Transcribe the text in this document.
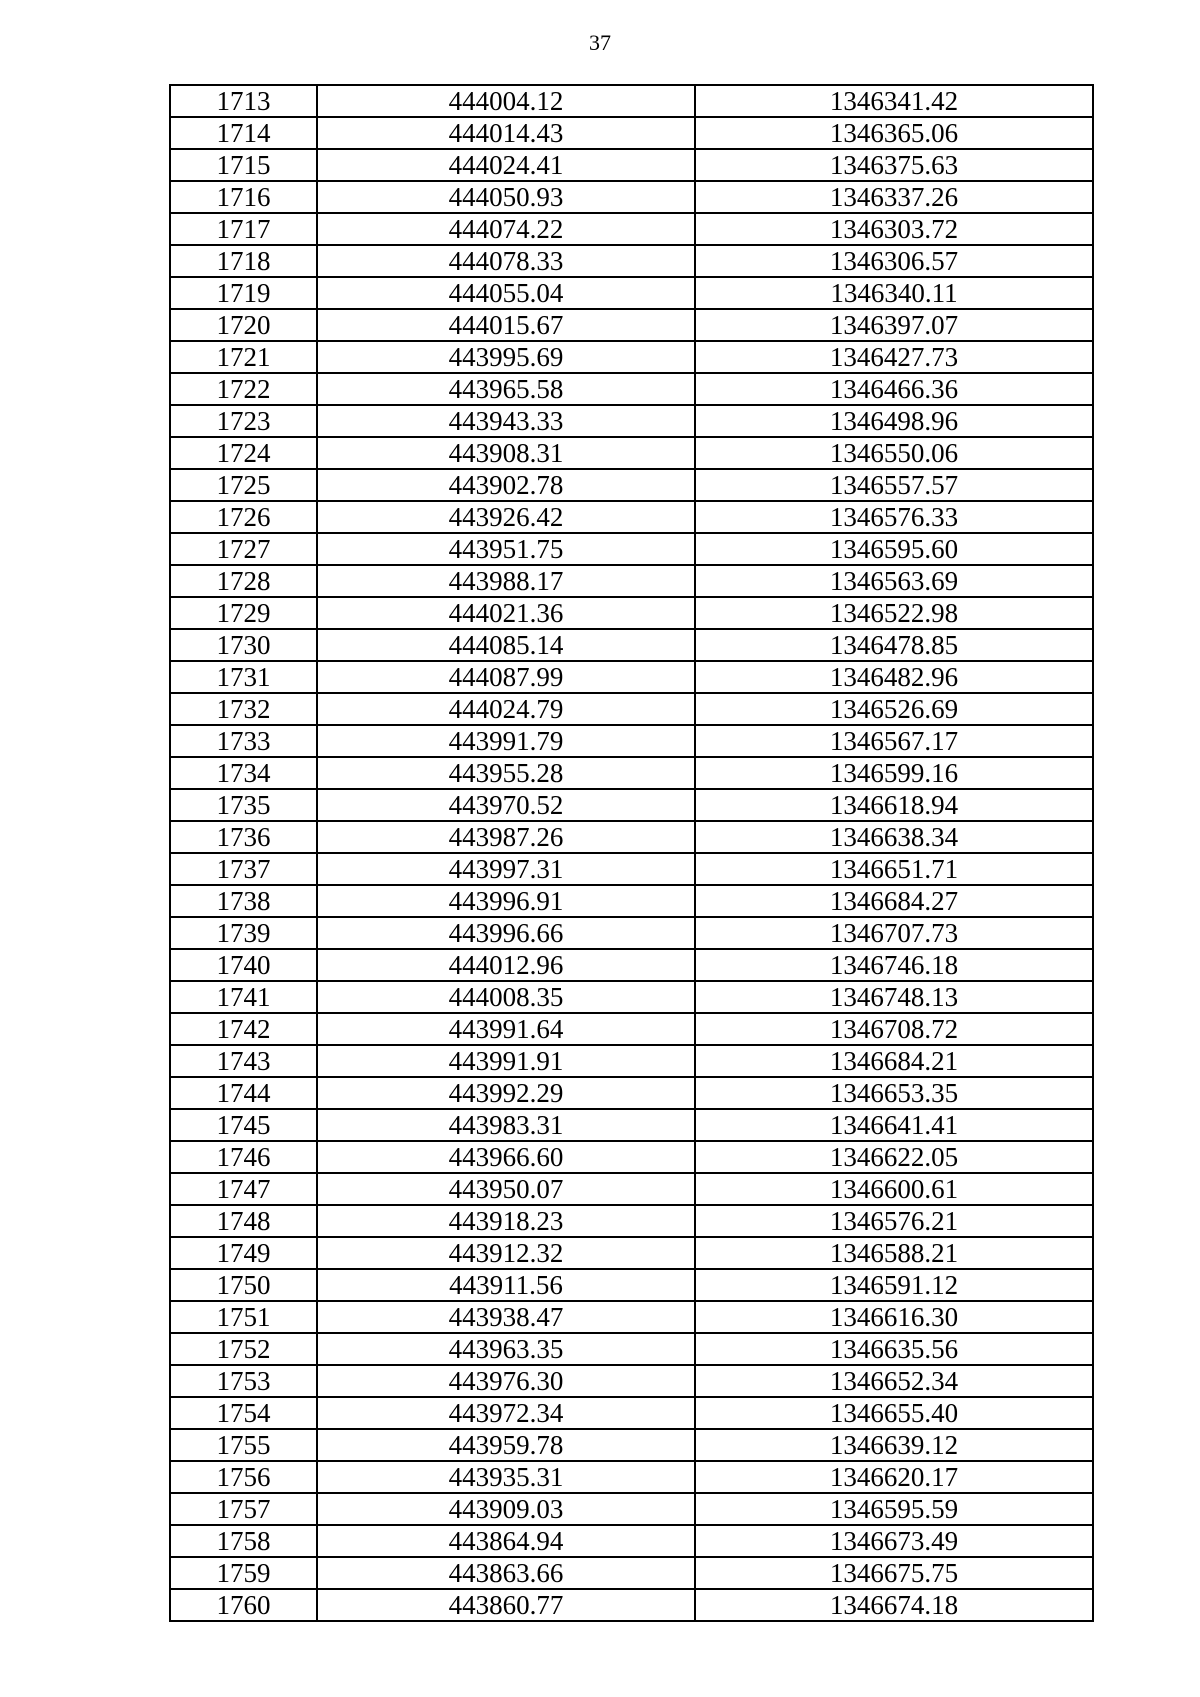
37
1713	444004.12	1346341.42
1714	444014.43	1346365.06
1715	444024.41	1346375.63
1716	444050.93	1346337.26
1717	444074.22	1346303.72
1718	444078.33	1346306.57
1719	444055.04	1346340.11
1720	444015.67	1346397.07
1721	443995.69	1346427.73
1722	443965.58	1346466.36
1723	443943.33	1346498.96
1724	443908.31	1346550.06
1725	443902.78	1346557.57
1726	443926.42	1346576.33
1727	443951.75	1346595.60
1728	443988.17	1346563.69
1729	444021.36	1346522.98
1730	444085.14	1346478.85
1731	444087.99	1346482.96
1732	444024.79	1346526.69
1733	443991.79	1346567.17
1734	443955.28	1346599.16
1735	443970.52	1346618.94
1736	443987.26	1346638.34
1737	443997.31	1346651.71
1738	443996.91	1346684.27
1739	443996.66	1346707.73
1740	444012.96	1346746.18
1741	444008.35	1346748.13
1742	443991.64	1346708.72
1743	443991.91	1346684.21
1744	443992.29	1346653.35
1745	443983.31	1346641.41
1746	443966.60	1346622.05
1747	443950.07	1346600.61
1748	443918.23	1346576.21
1749	443912.32	1346588.21
1750	443911.56	1346591.12
1751	443938.47	1346616.30
1752	443963.35	1346635.56
1753	443976.30	1346652.34
1754	443972.34	1346655.40
1755	443959.78	1346639.12
1756	443935.31	1346620.17
1757	443909.03	1346595.59
1758	443864.94	1346673.49
1759	443863.66	1346675.75
1760	443860.77	1346674.18
